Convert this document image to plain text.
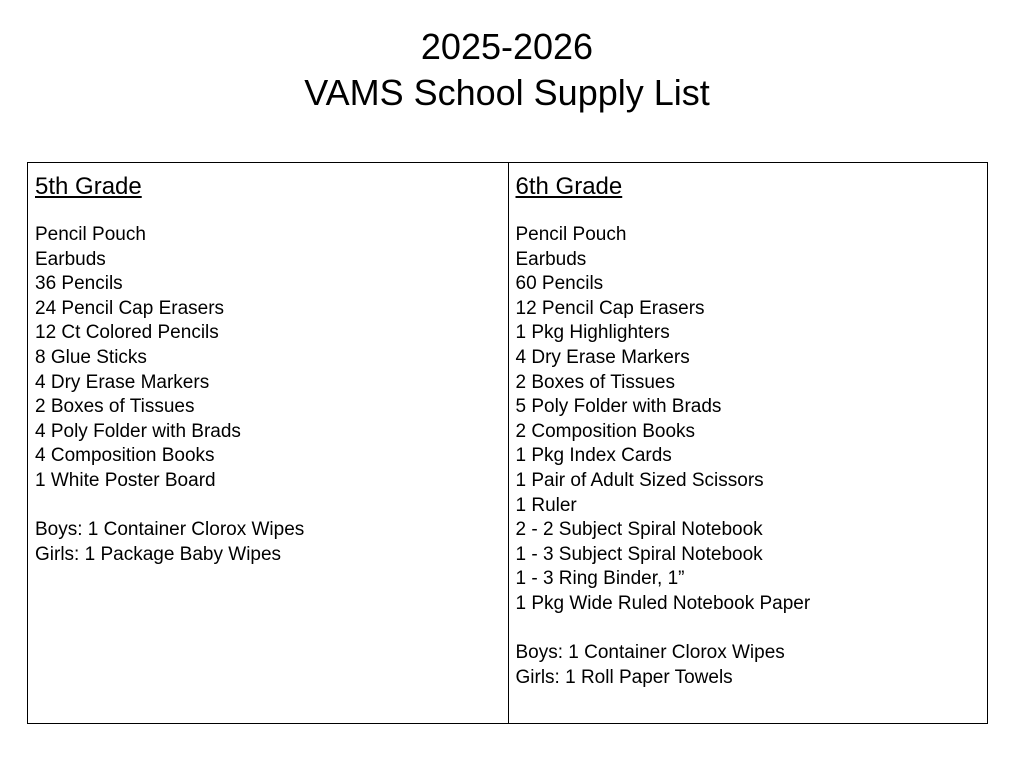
2025-2026
VAMS School Supply List
5th Grade
Pencil Pouch
Earbuds
36 Pencils
24 Pencil Cap Erasers
12 Ct Colored Pencils
8 Glue Sticks
4 Dry Erase Markers
2 Boxes of Tissues
4 Poly Folder with Brads
4 Composition Books
1 White Poster Board
Boys: 1 Container Clorox Wipes
Girls: 1 Package Baby Wipes
6th Grade
Pencil Pouch
Earbuds
60 Pencils
12 Pencil Cap Erasers
1 Pkg Highlighters
4 Dry Erase Markers
2 Boxes of Tissues
5 Poly Folder with Brads
2 Composition Books
1 Pkg Index Cards
1 Pair of Adult Sized Scissors
1 Ruler
2 - 2 Subject Spiral Notebook
1 - 3 Subject Spiral Notebook
1 - 3 Ring Binder, 1”
1 Pkg Wide Ruled Notebook Paper
Boys: 1 Container Clorox Wipes
Girls: 1 Roll Paper Towels
